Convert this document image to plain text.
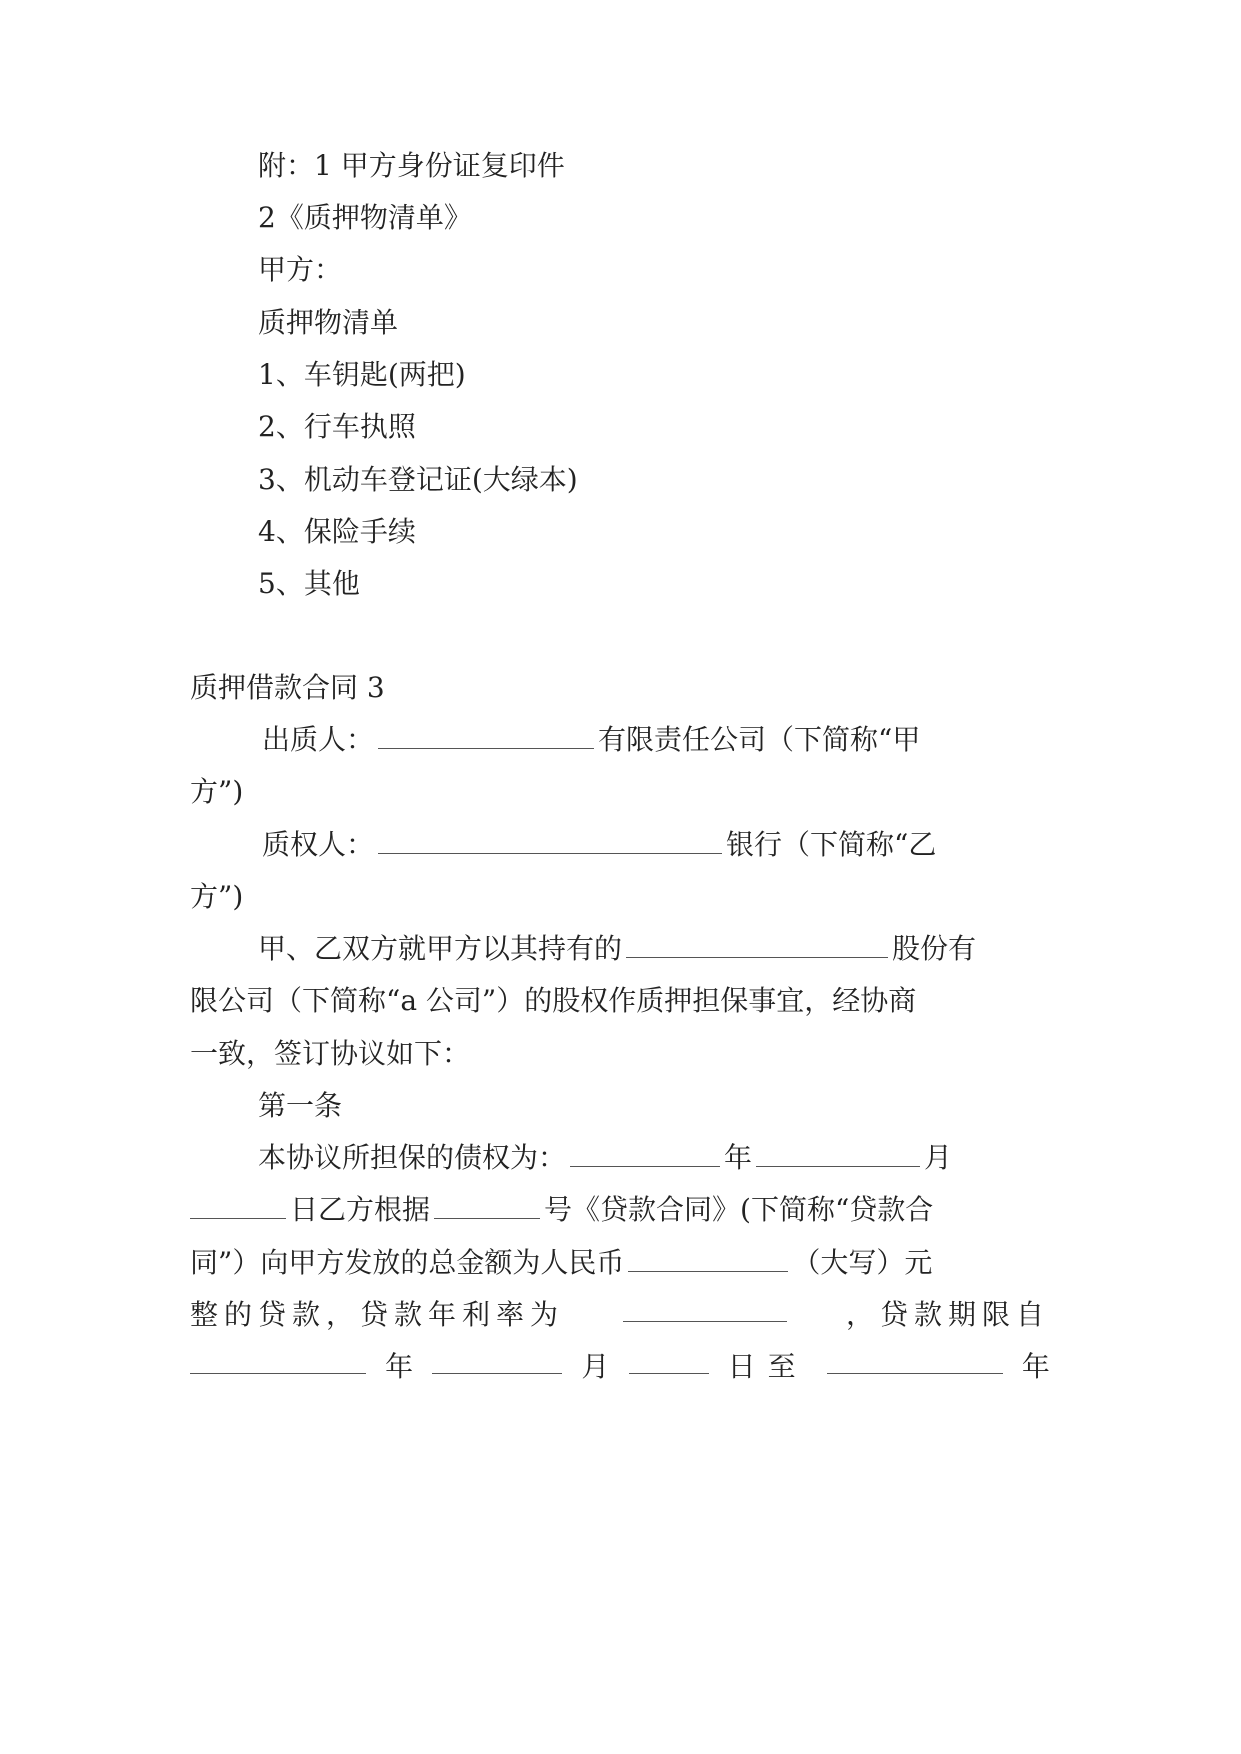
附：1 甲方身份证复印件
2《质押物清单》
甲方：
质押物清单
1、车钥匙(两把)
2、行车执照
3、机动车登记证(大绿本)
4、保险手续
5、其他
质押借款合同 3
出质人：	有限责任公司（下简称“甲
方”)
质权人：	银行（下简称“乙
方”)
甲、乙双方就甲方以其持有的	股份有
限公司（下简称“a 公司”）的股权作质押担保事宜，经协商
一致，签订协议如下：
第一条
本协议所担保的债权为：	年	月
日乙方根据	号《贷款合同》(下简称“贷款合
同”）向甲方发放的总金额为人民币	（大写）元
整的贷款，贷款年利率为	，贷款期限自
年	月	日至	年
